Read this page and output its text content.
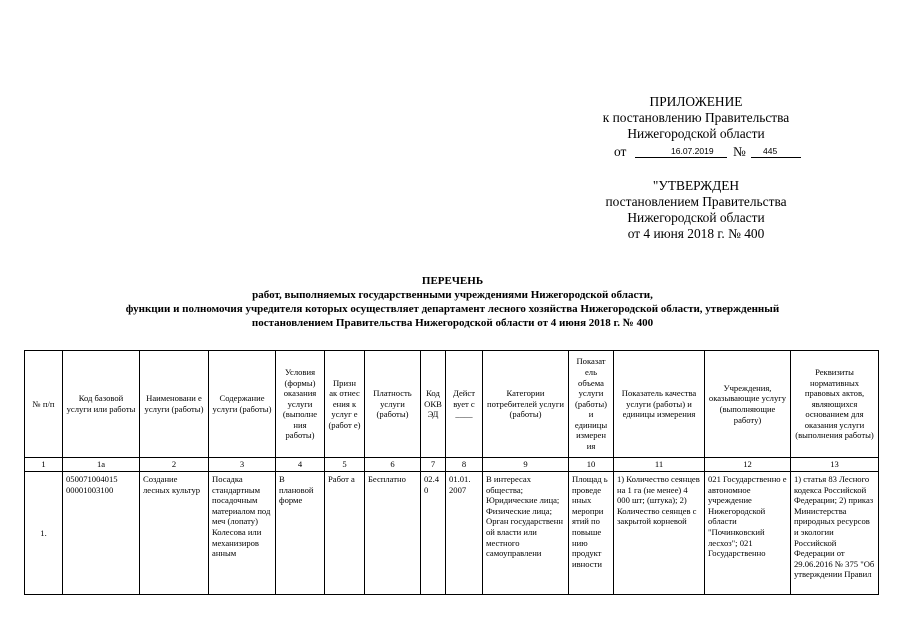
ПРИЛОЖЕНИЕ
к постановлению Правительства
Нижегородской области
от	16.07.2019 № 445
"УТВЕРЖДЕН
постановлением Правительства
Нижегородской области
от 4 июня 2018 г. № 400
ПЕРЕЧЕНЬ
работ, выполняемых государственными учреждениями Нижегородской области,
функции и полномочия учредителя которых осуществляет департамент лесного хозяйства Нижегородской области, утвержденный
постановлением Правительства Нижегородской области от 4 июня 2018 г. № 400
№ п/п	Код базовой услуги или работы	Наименовани е услуги (работы)	Содержание услуги (работы)	Условия (формы) оказания услуги (выполне ния работы)	Призн ак отнес ения к услуг е (работ е)	Платность услуги (работы)	Код ОКВ ЭД	Дейст вует с ____	Категории потребителей услуги (работы)	Показат ель объема услуги (работы) и единицы измерен ия	Показатель качества услуги (работы) и единицы измерения	Учреждения, оказывающие услугу (выполняющие работу)	Реквизиты нормативных правовых актов, являющихся основанием для оказания услуги (выполнения работы)
1	1а	2	3	4	5	6	7	8	9	10	11	12	13
1.	050071004015 00001003100	Создание лесных культур	Посадка стандартным посадочным материалом под меч (лопату) Колесова или механизиров анным	В плановой форме	Работ а	Бесплатно	02.4 0	01.01. 2007	В интересах общества; Юридические лица; Физические лица; Орган государственн ой власти или местного самоуправлени	Площад ь проведе нных меропри ятий по повыше нию продукт ивности	1) Количество сеянцев на 1 га (не менее) 4 000 шт; (штука); 2) Количество сеянцев с закрытой корневой	021 Государственно е автономное учреждение Нижегородской области "Починковский лесхоз"; 021 Государственно	1) статья 83 Лесного кодекса Российской Федерации; 2) приказ Министерства природных ресурсов и экологии Российской Федерации от 29.06.2016 № 375 "Об утверждении Правил
